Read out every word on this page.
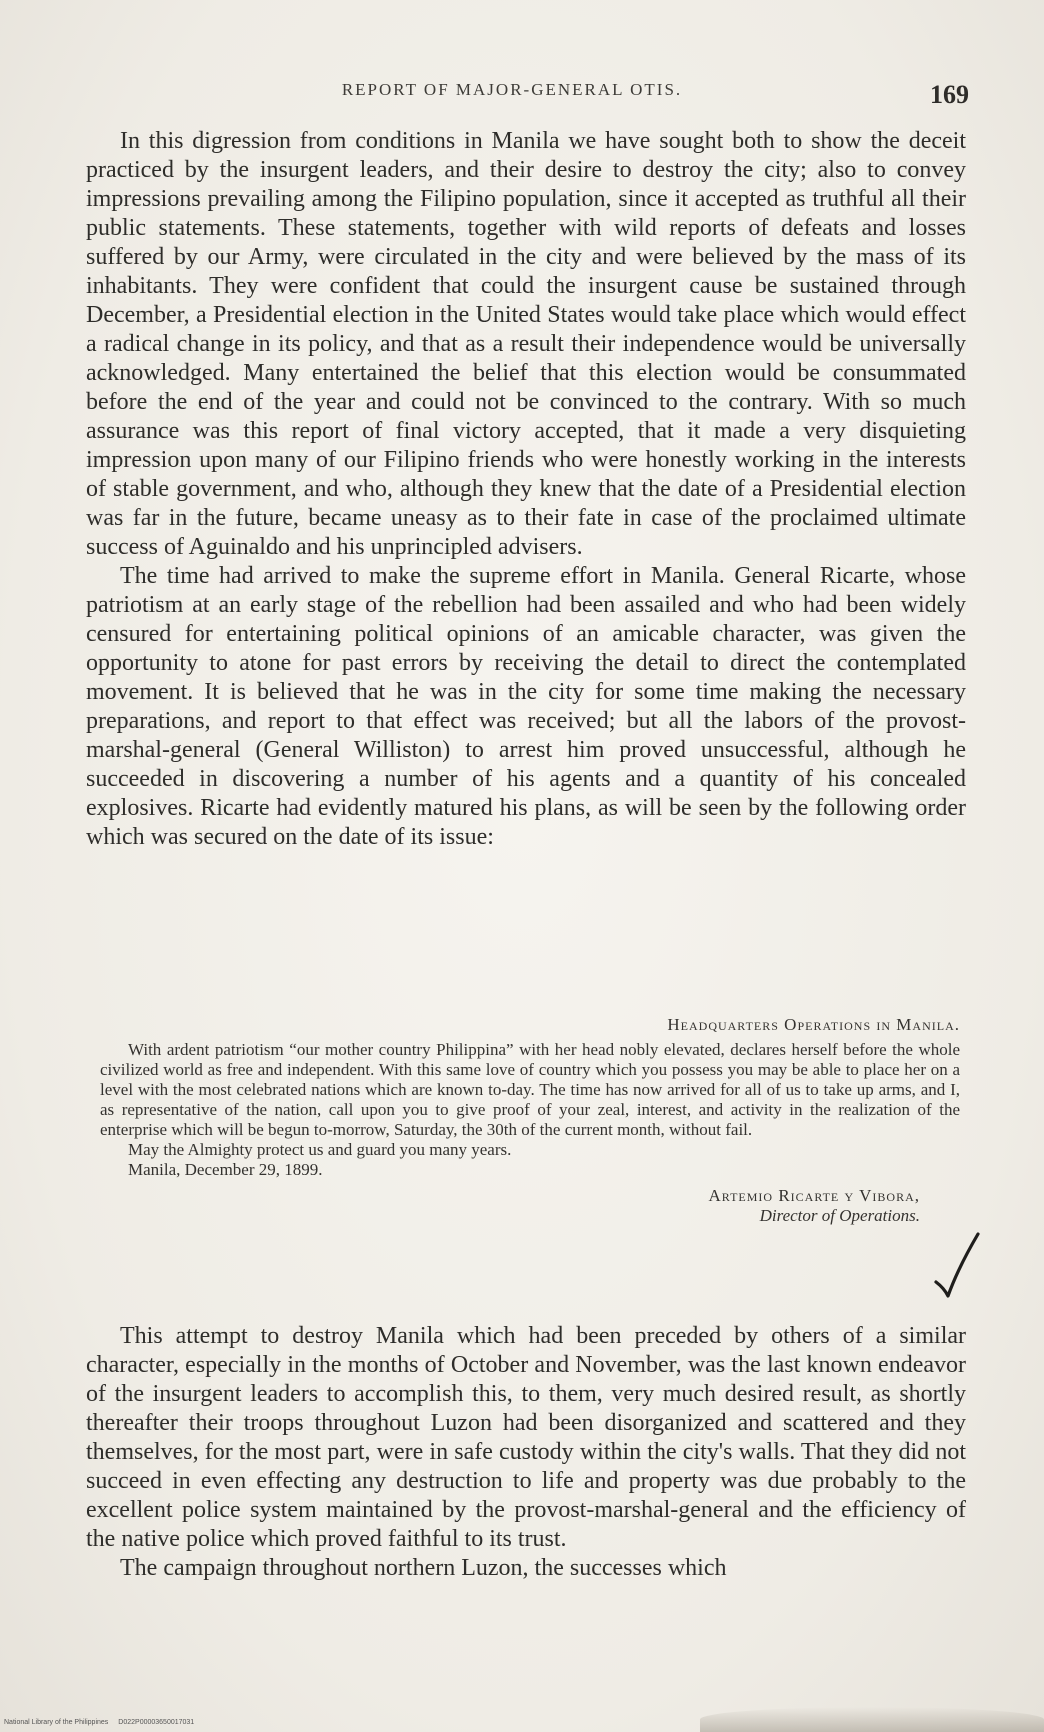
REPORT OF MAJOR-GENERAL OTIS.	169

In this digression from conditions in Manila we have sought both to show the deceit practiced by the insurgent leaders, and their desire to destroy the city; also to convey impressions prevailing among the Filipino population, since it accepted as truthful all their public statements. These statements, together with wild reports of defeats and losses suffered by our Army, were circulated in the city and were believed by the mass of its inhabitants. They were confident that could the insurgent cause be sustained through December, a Presidential election in the United States would take place which would effect a radical change in its policy, and that as a result their independence would be universally acknowledged. Many entertained the belief that this election would be consummated before the end of the year and could not be convinced to the contrary. With so much assurance was this report of final victory accepted, that it made a very disquieting impression upon many of our Filipino friends who were honestly working in the interests of stable government, and who, although they knew that the date of a Presidential election was far in the future, became uneasy as to their fate in case of the proclaimed ultimate success of Aguinaldo and his unprincipled advisers.

The time had arrived to make the supreme effort in Manila. General Ricarte, whose patriotism at an early stage of the rebellion had been assailed and who had been widely censured for entertaining political opinions of an amicable character, was given the opportunity to atone for past errors by receiving the detail to direct the contemplated movement. It is believed that he was in the city for some time making the necessary preparations, and report to that effect was received; but all the labors of the provost-marshal-general (General Williston) to arrest him proved unsuccessful, although he succeeded in discovering a number of his agents and a quantity of his concealed explosives. Ricarte had evidently matured his plans, as will be seen by the following order which was secured on the date of its issue:

Headquarters Operations in Manila.

With ardent patriotism “our mother country Philippina” with her head nobly elevated, declares herself before the whole civilized world as free and independent. With this same love of country which you possess you may be able to place her on a level with the most celebrated nations which are known to-day. The time has now arrived for all of us to take up arms, and I, as representative of the nation, call upon you to give proof of your zeal, interest, and activity in the realization of the enterprise which will be begun to-morrow, Saturday, the 30th of the current month, without fail.

May the Almighty protect us and guard you many years.

Manila, December 29, 1899.

Artemio Ricarte y Vibora,
Director of Operations.

This attempt to destroy Manila which had been preceded by others of a similar character, especially in the months of October and November, was the last known endeavor of the insurgent leaders to accomplish this, to them, very much desired result, as shortly thereafter their troops throughout Luzon had been disorganized and scattered and they themselves, for the most part, were in safe custody within the city's walls. That they did not succeed in even effecting any destruction to life and property was due probably to the excellent police system maintained by the provost-marshal-general and the efficiency of the native police which proved faithful to its trust.

The campaign throughout northern Luzon, the successes which

National Library of the Philippines D022P00003650017031
